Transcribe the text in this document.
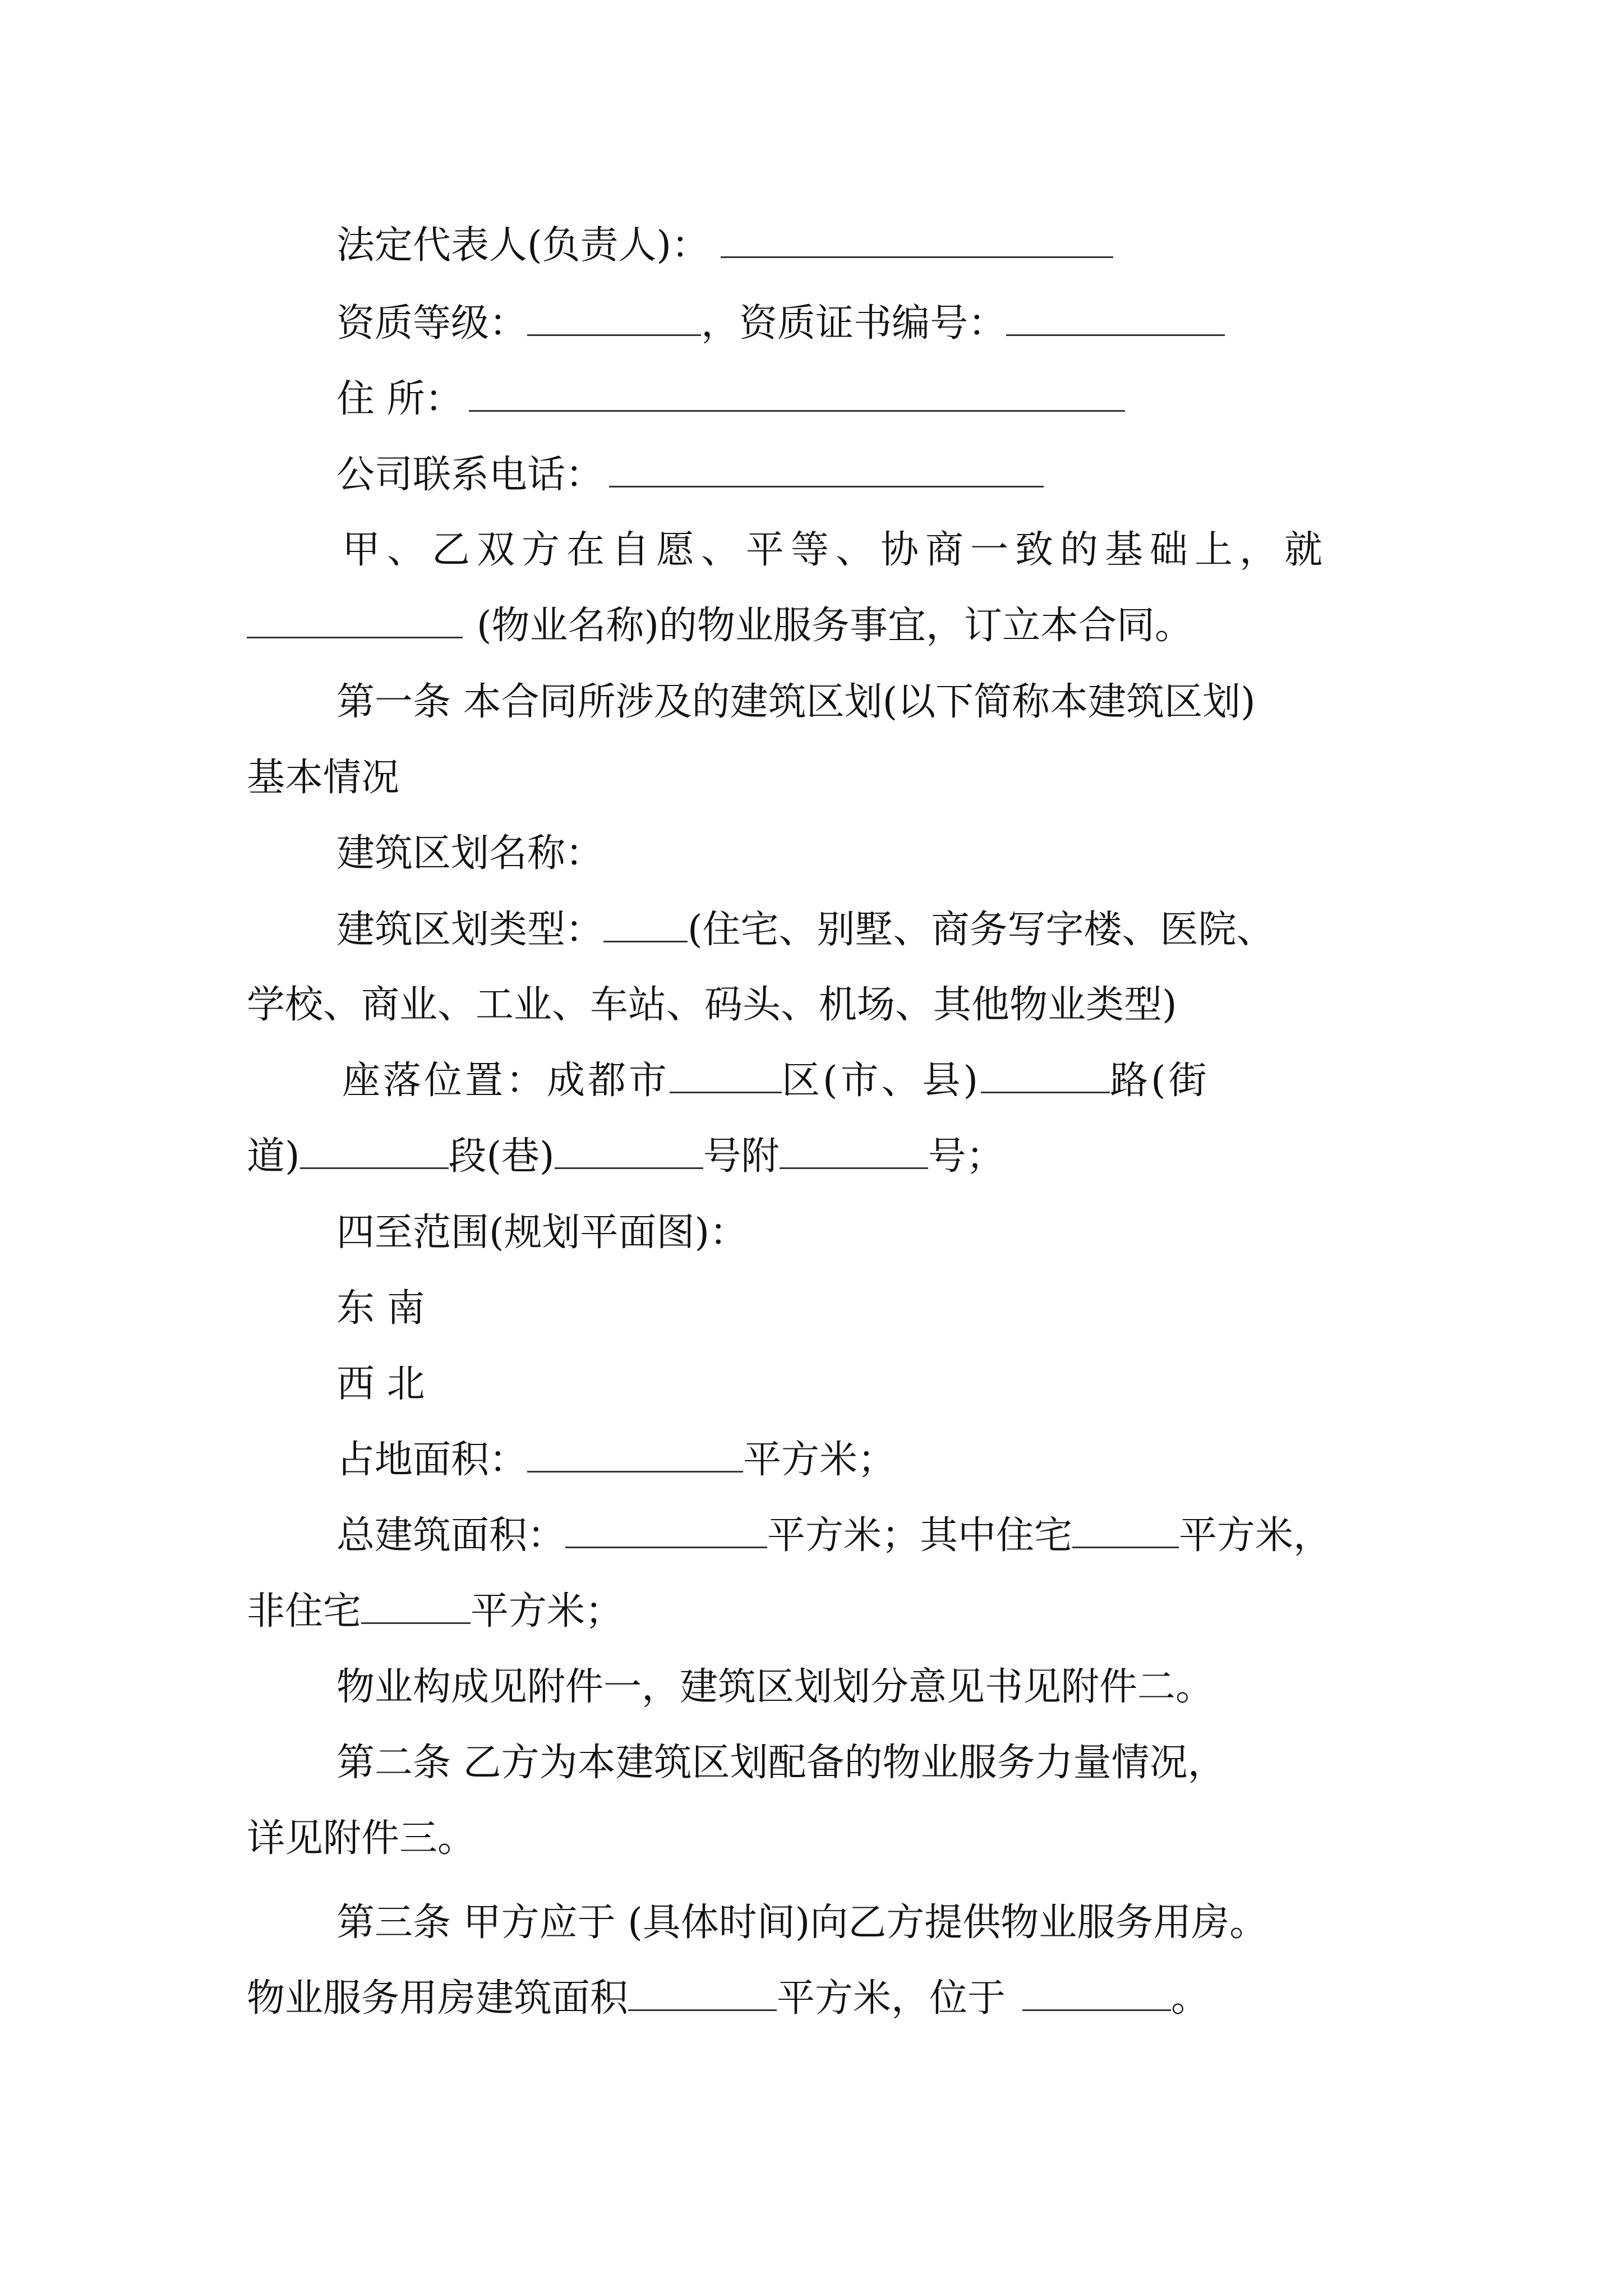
法定代表人(负责人)：
资质等级：	，资质证书编号：
住 所：
公司联系电话：
甲、乙双方在自愿、平等、协商一致的基础上，就
(物业名称)的物业服务事宜，订立本合同。
第一条 本合同所涉及的建筑区划(以下简称本建筑区划)
基本情况
建筑区划名称：
建筑区划类型： (住宅、别墅、商务写字楼、医院、
学校、商业、工业、车站、码头、机场、其他物业类型)
座落位置：成都市	区(市、县)	路(街
道)	段(巷)	号附	号；
四至范围(规划平面图)：
东 南
西 北
占地面积：	平方米；
总建筑面积：	平方米；其中住宅	平方米，
非住宅	平方米；
物业构成见附件一，建筑区划划分意见书见附件二。
第二条 乙方为本建筑区划配备的物业服务力量情况，
详见附件三。
第三条 甲方应于 (具体时间)向乙方提供物业服务用房。
物业服务用房建筑面积	平方米，位于	。
